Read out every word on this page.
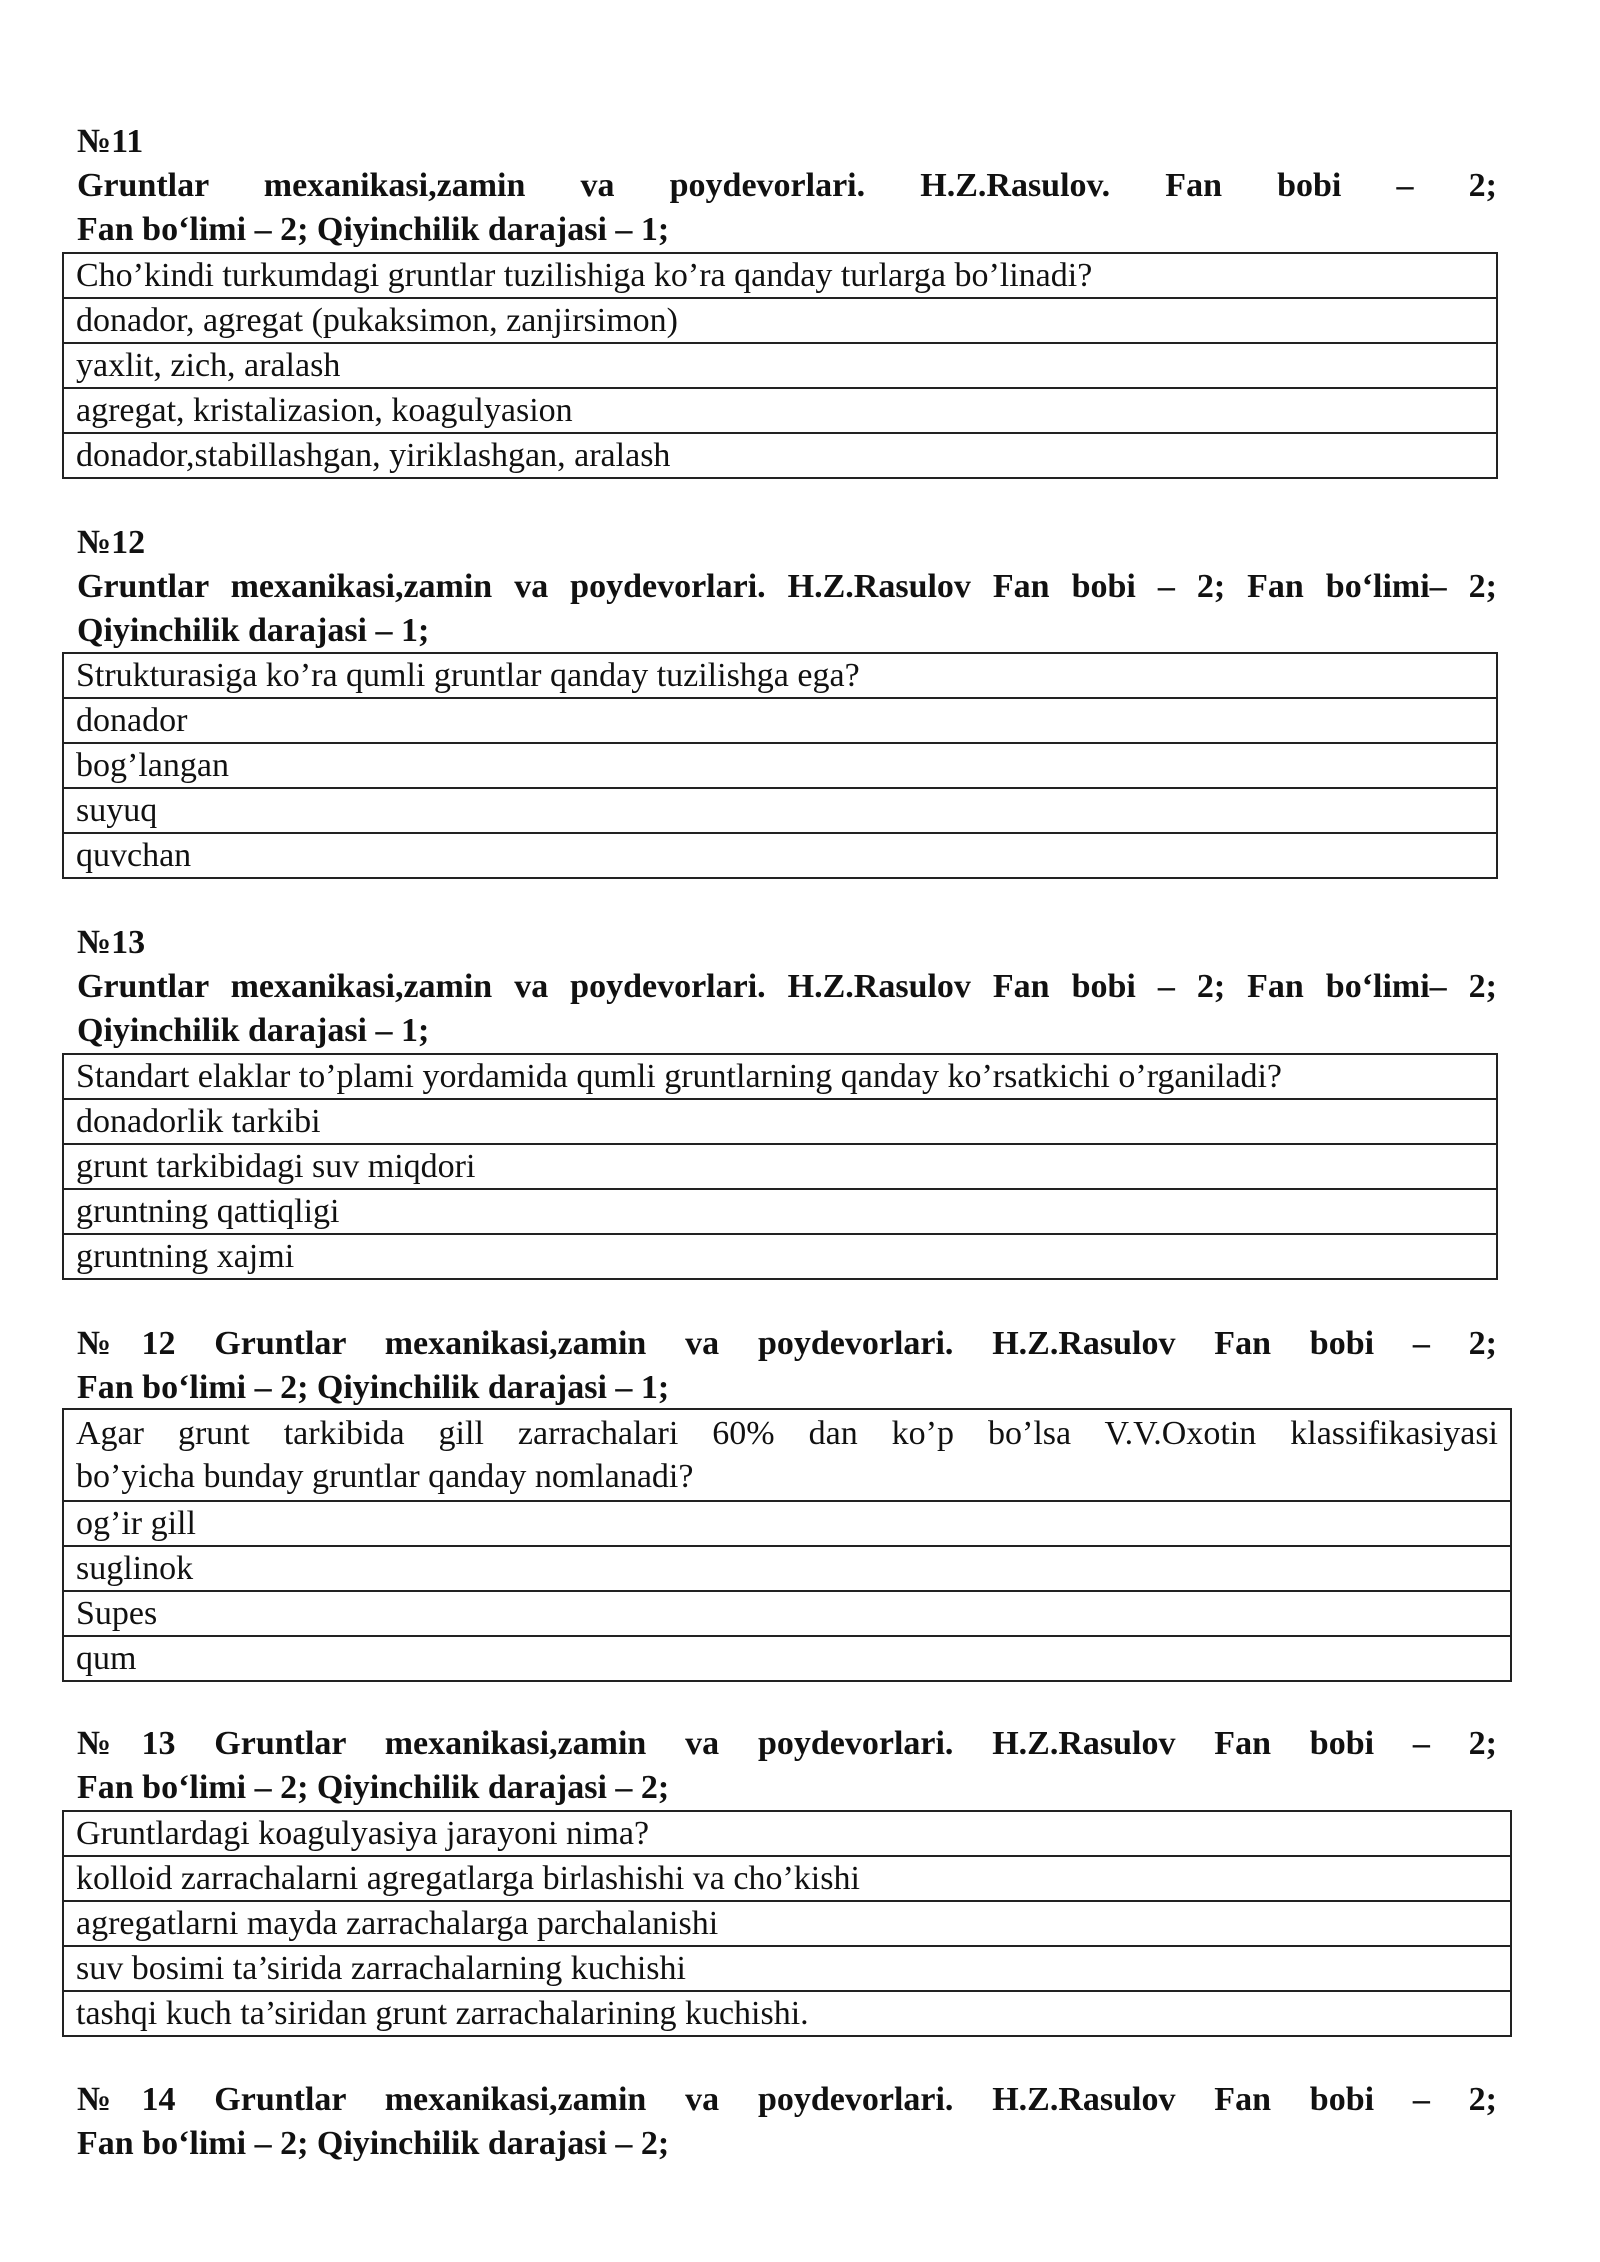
№11
Gruntlar mexanikasi,zamin va poydevorlari. H.Z.Rasulov. Fan bobi – 2;
Fan bo‘limi – 2; Qiyinchilik darajasi – 1;
Cho’kindi turkumdagi gruntlar tuzilishiga ko’ra qanday turlarga bo’linadi?
donador, agregat (pukaksimon, zanjirsimon)
yaxlit, zich, aralash
agregat, kristalizasion, koagulyasion
donador,stabillashgan, yiriklashgan, aralash
№12
Gruntlar mexanikasi,zamin va poydevorlari. H.Z.Rasulov Fan bobi – 2; Fan bo‘limi– 2;
Qiyinchilik darajasi – 1;
Strukturasiga ko’ra qumli gruntlar qanday tuzilishga ega?
donador
bog’langan
suyuq
quvchan
№13
Gruntlar mexanikasi,zamin va poydevorlari. H.Z.Rasulov Fan bobi – 2; Fan bo‘limi– 2;
Qiyinchilik darajasi – 1;
Standart elaklar to’plami yordamida qumli gruntlarning qanday ko’rsatkichi o’rganiladi?
donadorlik tarkibi
grunt tarkibidagi suv miqdori
gruntning qattiqligi
gruntning xajmi
№12 Gruntlar mexanikasi,zamin va poydevorlari. H.Z.Rasulov Fan bobi – 2;
Fan bo‘limi – 2; Qiyinchilik darajasi – 1;
Agar grunt tarkibida gill zarrachalari 60% dan ko’p bo’lsa V.V.Oxotin klassifikasiyasi
bo’yicha bunday gruntlar qanday nomlanadi?

og’ir gill
suglinok
Supes
qum
№13 Gruntlar mexanikasi,zamin va poydevorlari. H.Z.Rasulov Fan bobi – 2;
Fan bo‘limi – 2; Qiyinchilik darajasi – 2;
Gruntlardagi koagulyasiya jarayoni nima?
kolloid zarrachalarni agregatlarga birlashishi va cho’kishi
agregatlarni mayda zarrachalarga parchalanishi
suv bosimi ta’sirida zarrachalarning kuchishi
tashqi kuch ta’siridan grunt zarrachalarining kuchishi.
№14 Gruntlar mexanikasi,zamin va poydevorlari. H.Z.Rasulov Fan bobi – 2;
Fan bo‘limi – 2; Qiyinchilik darajasi – 2;
